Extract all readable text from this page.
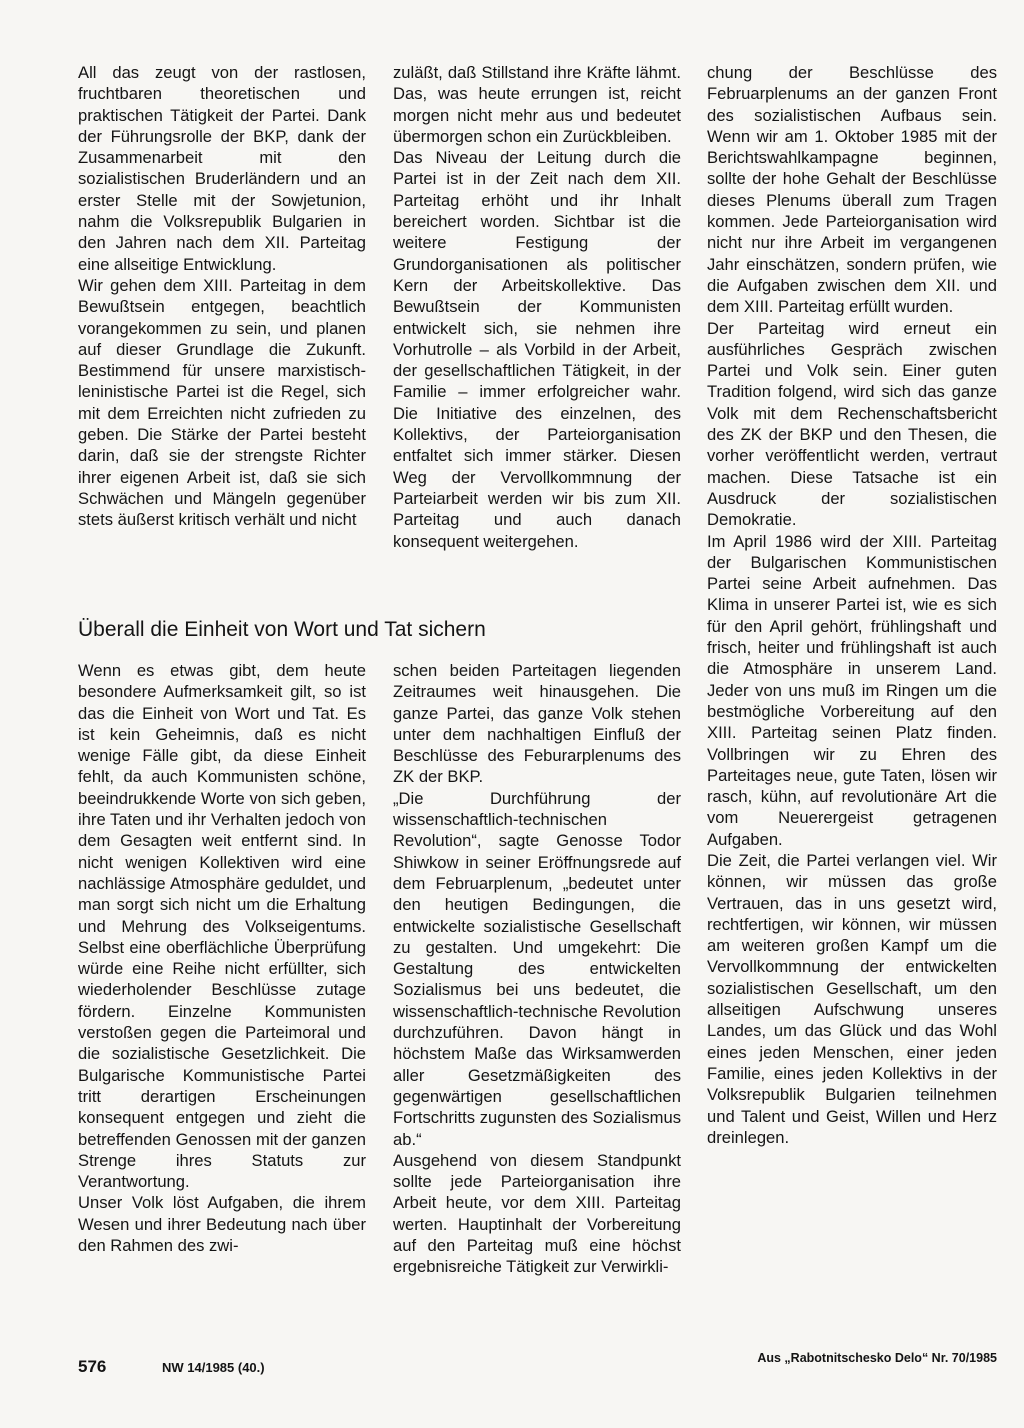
All das zeugt von der rastlosen, fruchtbaren theoretischen und praktischen Tätigkeit der Partei. Dank der Führungsrolle der BKP, dank der Zusammenarbeit mit den sozialistischen Bruderländern und an erster Stelle mit der Sowjetunion, nahm die Volksrepublik Bulgarien in den Jahren nach dem XII. Parteitag eine allseitige Entwicklung.

Wir gehen dem XIII. Parteitag in dem Bewußtsein entgegen, beachtlich vorangekommen zu sein, und planen auf dieser Grundlage die Zukunft. Bestimmend für unsere marxistisch-leninistische Partei ist die Regel, sich mit dem Erreichten nicht zufrieden zu geben. Die Stärke der Partei besteht darin, daß sie der strengste Richter ihrer eigenen Arbeit ist, daß sie sich Schwächen und Mängeln gegenüber stets äußerst kritisch verhält und nicht

zuläßt, daß Stillstand ihre Kräfte lähmt. Das, was heute errungen ist, reicht morgen nicht mehr aus und bedeutet übermorgen schon ein Zurückbleiben.

Das Niveau der Leitung durch die Partei ist in der Zeit nach dem XII. Parteitag erhöht und ihr Inhalt bereichert worden. Sichtbar ist die weitere Festigung der Grundorganisationen als politischer Kern der Arbeitskollektive. Das Bewußtsein der Kommunisten entwickelt sich, sie nehmen ihre Vorhutrolle – als Vorbild in der Arbeit, der gesellschaftlichen Tätigkeit, in der Familie – immer erfolgreicher wahr. Die Initiative des einzelnen, des Kollektivs, der Parteiorganisation entfaltet sich immer stärker. Diesen Weg der Vervollkommnung der Parteiarbeit werden wir bis zum XII. Parteitag und auch danach konsequent weitergehen.

chung der Beschlüsse des Februarplenums an der ganzen Front des sozialistischen Aufbaus sein. Wenn wir am 1. Oktober 1985 mit der Berichtswahlkampagne beginnen, sollte der hohe Gehalt der Beschlüsse dieses Plenums überall zum Tragen kommen. Jede Parteiorganisation wird nicht nur ihre Arbeit im vergangenen Jahr einschätzen, sondern prüfen, wie die Aufgaben zwischen dem XII. und dem XIII. Parteitag erfüllt wurden.

Der Parteitag wird erneut ein ausführliches Gespräch zwischen Partei und Volk sein. Einer guten Tradition folgend, wird sich das ganze Volk mit dem Rechenschaftsbericht des ZK der BKP und den Thesen, die vorher veröffentlicht werden, vertraut machen. Diese Tatsache ist ein Ausdruck der sozialistischen Demokratie.

Im April 1986 wird der XIII. Parteitag der Bulgarischen Kommunistischen Partei seine Arbeit aufnehmen. Das Klima in unserer Partei ist, wie es sich für den April gehört, frühlingshaft und frisch, heiter und frühlingshaft ist auch die Atmosphäre in unserem Land. Jeder von uns muß im Ringen um die bestmögliche Vorbereitung auf den XIII. Parteitag seinen Platz finden. Vollbringen wir zu Ehren des Parteitages neue, gute Taten, lösen wir rasch, kühn, auf revolutionäre Art die vom Neuerergeist getragenen Aufgaben.

Die Zeit, die Partei verlangen viel. Wir können, wir müssen das große Vertrauen, das in uns gesetzt wird, rechtfertigen, wir können, wir müssen am weiteren großen Kampf um die Vervollkommnung der entwickelten sozialistischen Gesellschaft, um den allseitigen Aufschwung unseres Landes, um das Glück und das Wohl eines jeden Menschen, einer jeden Familie, eines jeden Kollektivs in der Volksrepublik Bulgarien teilnehmen und Talent und Geist, Willen und Herz dreinlegen.

Überall die Einheit von Wort und Tat sichern

Wenn es etwas gibt, dem heute besondere Aufmerksamkeit gilt, so ist das die Einheit von Wort und Tat. Es ist kein Geheimnis, daß es nicht wenige Fälle gibt, da diese Einheit fehlt, da auch Kommunisten schöne, beeindrukkende Worte von sich geben, ihre Taten und ihr Verhalten jedoch von dem Gesagten weit entfernt sind. In nicht wenigen Kollektiven wird eine nachlässige Atmosphäre geduldet, und man sorgt sich nicht um die Erhaltung und Mehrung des Volkseigentums. Selbst eine oberflächliche Überprüfung würde eine Reihe nicht erfüllter, sich wiederholender Beschlüsse zutage fördern. Einzelne Kommunisten verstoßen gegen die Parteimoral und die sozialistische Gesetzlichkeit. Die Bulgarische Kommunistische Partei tritt derartigen Erscheinungen konsequent entgegen und zieht die betreffenden Genossen mit der ganzen Strenge ihres Statuts zur Verantwortung.

Unser Volk löst Aufgaben, die ihrem Wesen und ihrer Bedeutung nach über den Rahmen des zwi-

schen beiden Parteitagen liegenden Zeitraumes weit hinausgehen. Die ganze Partei, das ganze Volk stehen unter dem nachhaltigen Einfluß der Beschlüsse des Feburarplenums des ZK der BKP.

„Die Durchführung der wissenschaftlich-technischen Revolution“, sagte Genosse Todor Shiwkow in seiner Eröffnungsrede auf dem Februarplenum, „bedeutet unter den heutigen Bedingungen, die entwickelte sozialistische Gesellschaft zu gestalten. Und umgekehrt: Die Gestaltung des entwickelten Sozialismus bei uns bedeutet, die wissenschaftlich-technische Revolution durchzuführen. Davon hängt in höchstem Maße das Wirksamwerden aller Gesetzmäßigkeiten des gegenwärtigen gesellschaftlichen Fortschritts zugunsten des Sozialismus ab.“

Ausgehend von diesem Standpunkt sollte jede Parteiorganisation ihre Arbeit heute, vor dem XIII. Parteitag werten. Hauptinhalt der Vorbereitung auf den Parteitag muß eine höchst ergebnisreiche Tätigkeit zur Verwirkli-

Aus „Rabotnitschesko Delo“ Nr. 70/1985
576	NW 14/1985 (40.)
